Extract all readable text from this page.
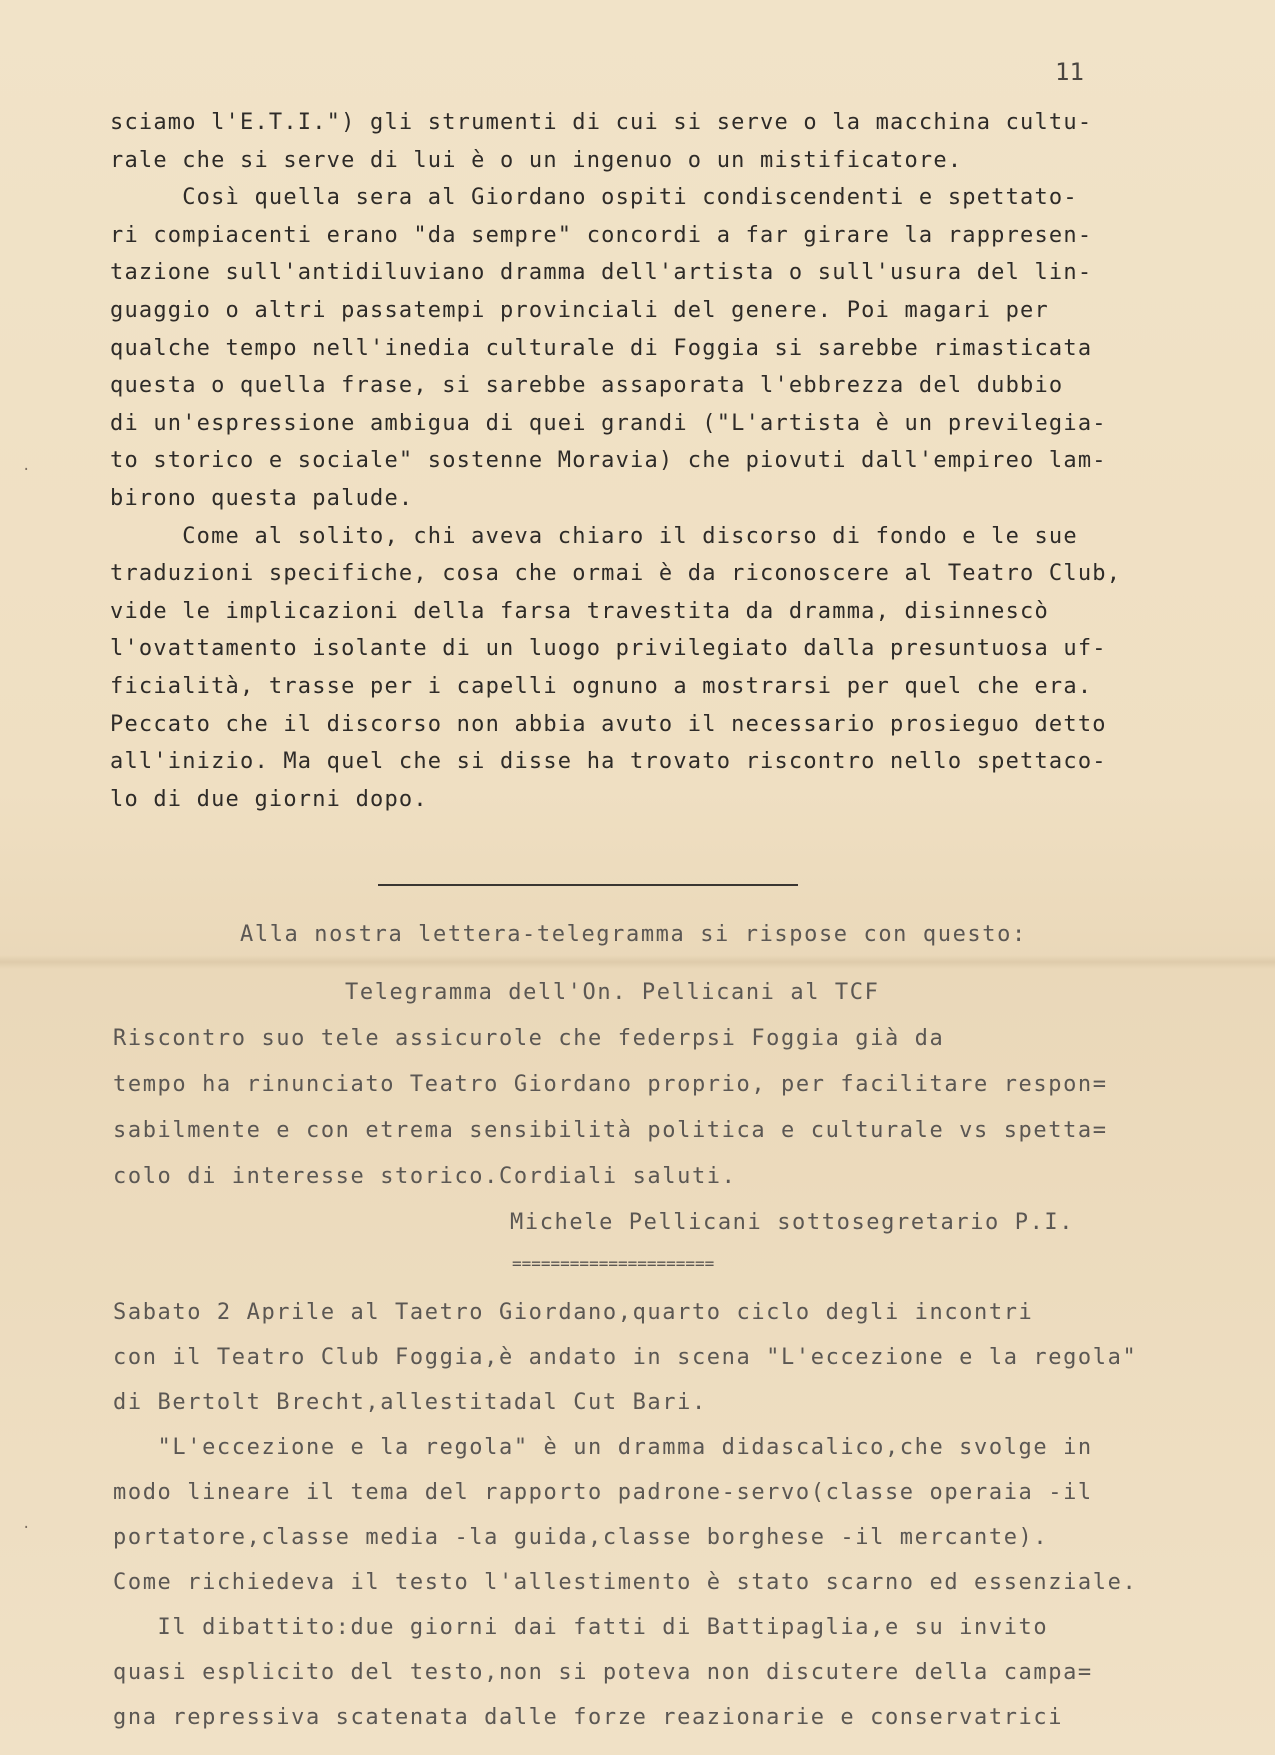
11
sciamo l'E.T.I.") gli strumenti di cui si serve o la macchina cultu-
rale che si serve di lui è o un ingenuo o un mistificatore.
Così quella sera al Giordano ospiti condiscendenti e spettato-
ri compiacenti erano "da sempre" concordi a far girare la rappresen-
tazione sull'antidiluviano dramma dell'artista o sull'usura del lin-
guaggio o altri passatempi provinciali del genere. Poi magari per
qualche tempo nell'inedia culturale di Foggia si sarebbe rimasticata
questa o quella frase, si sarebbe assaporata l'ebbrezza del dubbio
di un'espressione ambigua di quei grandi ("L'artista è un previlegia-
to storico e sociale" sostenne Moravia) che piovuti dall'empireo lam-
birono questa palude.
Come al solito, chi aveva chiaro il discorso di fondo e le sue
traduzioni specifiche, cosa che ormai è da riconoscere al Teatro Club,
vide le implicazioni della farsa travestita da dramma, disinnescò
l'ovattamento isolante di un luogo privilegiato dalla presuntuosa uf-
ficialità, trasse per i capelli ognuno a mostrarsi per quel che era.
Peccato che il discorso non abbia avuto il necessario prosieguo detto
all'inizio. Ma quel che si disse ha trovato riscontro nello spettaco-
lo di due giorni dopo.
Alla nostra lettera-telegramma si rispose con questo:
Telegramma dell'On. Pellicani al TCF
Riscontro suo tele assicurole che federpsi Foggia già da
tempo ha rinunciato Teatro Giordano proprio, per facilitare respon=
sabilmente e con etrema sensibilità politica e culturale vs spetta=
colo di interesse storico.Cordiali saluti.
Michele Pellicani sottosegretario P.I.
=====================
Sabato 2 Aprile al Taetro Giordano,quarto ciclo degli incontri
con il Teatro Club Foggia,è andato in scena "L'eccezione e la regola"
di Bertolt Brecht,allestitadal Cut Bari.
"L'eccezione e la regola" è un dramma didascalico,che svolge in
modo lineare il tema del rapporto padrone-servo(classe operaia -il
portatore,classe media -la guida,classe borghese -il mercante).
Come richiedeva il testo l'allestimento è stato scarno ed essenziale.
Il dibattito:due giorni dai fatti di Battipaglia,e su invito
quasi esplicito del testo,non si poteva non discutere della campa=
gna repressiva scatenata dalle forze reazionarie e conservatrici
·
·
